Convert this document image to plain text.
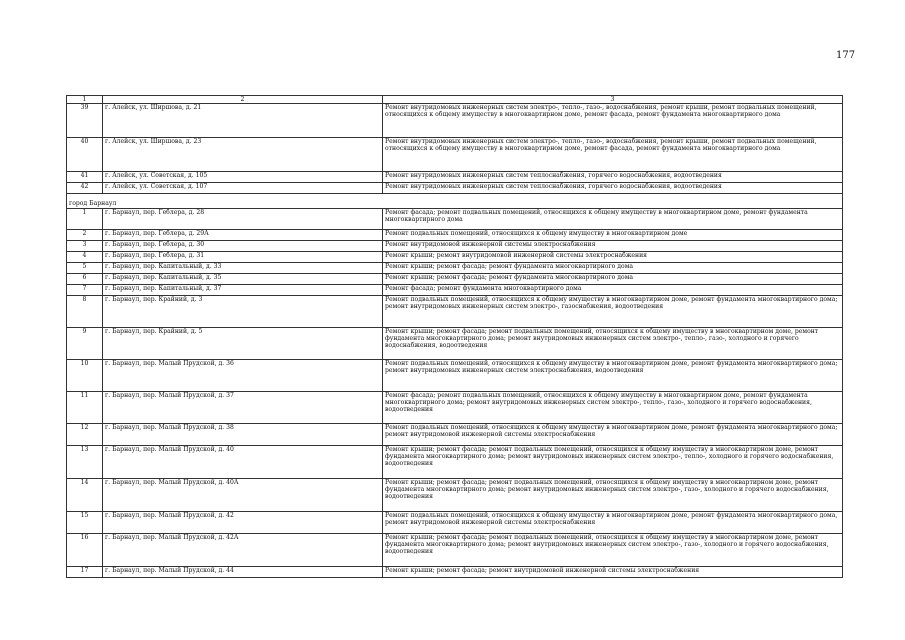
177
1	2	3
39	г. Алейск, ул. Ширшова, д. 21	Ремонт внутридомовых инженерных систем электро-, тепло-, газо-, водоснабжения, ремонт крыши, ремонт подвальных помещений, относящихся к общему имуществу в многоквартирном доме, ремонт фасада, ремонт фундамента многоквартирного дома
40	г. Алейск, ул. Ширшова, д. 23	Ремонт внутридомовых инженерных систем электро-, тепло-, газо-, водоснабжения, ремонт крыши, ремонт подвальных помещений, относящихся к общему имуществу в многоквартирном доме, ремонт фасада, ремонт фундамента многоквартирного дома
41	г. Алейск, ул. Советская, д. 105	Ремонт внутридомовых инженерных систем теплоснабжения, горячего водоснабжения, водоотведения
42	г. Алейск, ул. Советская, д. 107	Ремонт внутридомовых инженерных систем теплоснабжения, горячего водоснабжения, водоотведения
город Барнаул		
1	г. Барнаул, пер. Геблера, д. 28	Ремонт фасада; ремонт подвальных помещений, относящихся к общему имуществу в многоквартирном доме, ремонт фундамента многоквартирного дома
2	г. Барнаул, пер. Геблера, д. 29А	Ремонт подвальных помещений, относящихся к общему имуществу в многоквартирном доме
3	г. Барнаул, пер. Геблера, д. 30	Ремонт внутридомовой инженерной системы электроснабжения
4	г. Барнаул, пер. Геблера, д. 31	Ремонт крыши; ремонт внутридомовой инженерной системы электроснабжения
5	г. Барнаул, пер. Капитальный, д. 33	Ремонт крыши; ремонт фасада; ремонт фундамента многоквартирного дома
6	г. Барнаул, пер. Капитальный, д. 35	Ремонт крыши; ремонт фасада; ремонт фундамента многоквартирного дома
7	г. Барнаул, пер. Капитальный, д. 37	Ремонт фасада; ремонт фундамента многоквартирного дома
8	г. Барнаул, пер. Крайний, д. 3	Ремонт подвальных помещений, относящихся к общему имуществу в многоквартирном доме, ремонт фундамента многоквартирного дома; ремонт внутридомовых инженерных систем электро-, газоснабжения, водоотведения
9	г. Барнаул, пер. Крайний, д. 5	Ремонт крыши; ремонт фасада; ремонт подвальных помещений, относящихся к общему имуществу в многоквартирном доме, ремонт фундамента многоквартирного дома; ремонт внутридомовых инженерных систем электро-, тепло-, газо-, холодного и горячего водоснабжения, водоотведения
10	г. Барнаул, пер. Малый Прудской, д. 36	Ремонт подвальных помещений, относящихся к общему имуществу в многоквартирном доме, ремонт фундамента многоквартирного дома; ремонт внутридомовых инженерных систем электроснабжения, водоотведения
11	г. Барнаул, пер. Малый Прудской, д. 37	Ремонт фасада; ремонт подвальных помещений, относящихся к общему имуществу в многоквартирном доме, ремонт фундамента многоквартирного дома; ремонт внутридомовых инженерных систем электро-, тепло-, газо-, холодного и горячего водоснабжения, водоотведения
12	г. Барнаул, пер. Малый Прудской, д. 38	Ремонт подвальных помещений, относящихся к общему имуществу в многоквартирном доме, ремонт фундамента многоквартирного дома; ремонт внутридомовой инженерной системы электроснабжения
13	г. Барнаул, пер. Малый Прудской, д. 40	Ремонт крыши; ремонт фасада; ремонт подвальных помещений, относящихся к общему имуществу в многоквартирном доме, ремонт фундамента многоквартирного дома; ремонт внутридомовых инженерных систем электро-, тепло-, холодного и горячего водоснабжения, водоотведения
14	г. Барнаул, пер. Малый Прудской, д. 40А	Ремонт крыши; ремонт фасада; ремонт подвальных помещений, относящихся к общему имуществу в многоквартирном доме, ремонт фундамента многоквартирного дома; ремонт внутридомовых инженерных систем электро-, газо-, холодного и горячего водоснабжения, водоотведения
15	г. Барнаул, пер. Малый Прудской, д. 42	Ремонт подвальных помещений, относящихся к общему имуществу в многоквартирном доме, ремонт фундамента многоквартирного дома, ремонт внутридомовой инженерной системы электроснабжения
16	г. Барнаул, пер. Малый Прудской, д. 42А	Ремонт крыши; ремонт фасада; ремонт подвальных помещений, относящихся к общему имуществу в многоквартирном доме, ремонт фундамента многоквартирного дома; ремонт внутридомовых инженерных систем электро-, газо-, холодного и горячего водоснабжения, водоотведения
17	г. Барнаул, пер. Малый Прудской, д. 44	Ремонт крыши; ремонт фасада; ремонт внутридомовой инженерной системы электроснабжения
